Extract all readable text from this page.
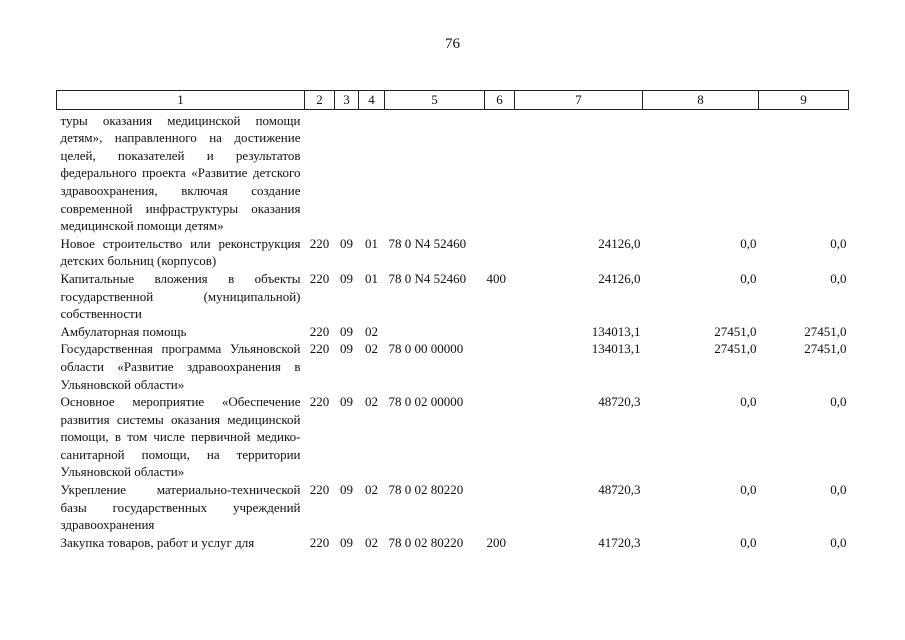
76
1	2	3	4	5	6	7	8	9
туры оказания медицинской помощи детям», направленного на достижение целей, показателей и результатов федерального проекта «Развитие детского здравоохранения, включая создание современной инфраструктуры оказания медицинской помощи детям»								
Новое строительство или реконструкция детских больниц (корпусов)	220	09	01	78 0 N4 52460		24126,0	0,0	0,0
Капитальные вложения в объекты государственной (муниципальной) собственности	220	09	01	78 0 N4 52460	400	24126,0	0,0	0,0
Амбулаторная помощь	220	09	02			134013,1	27451,0	27451,0
Государственная программа Ульяновской области «Развитие здравоохранения в Ульяновской области»	220	09	02	78 0 00 00000		134013,1	27451,0	27451,0
Основное мероприятие «Обеспечение развития системы оказания медицинской помощи, в том числе первичной медико-санитарной помощи, на территории Ульяновской области»	220	09	02	78 0 02 00000		48720,3	0,0	0,0
Укрепление материально-технической базы государственных учреждений здравоохранения	220	09	02	78 0 02 80220		48720,3	0,0	0,0
Закупка товаров, работ и услуг для	220	09	02	78 0 02 80220	200	41720,3	0,0	0,0
